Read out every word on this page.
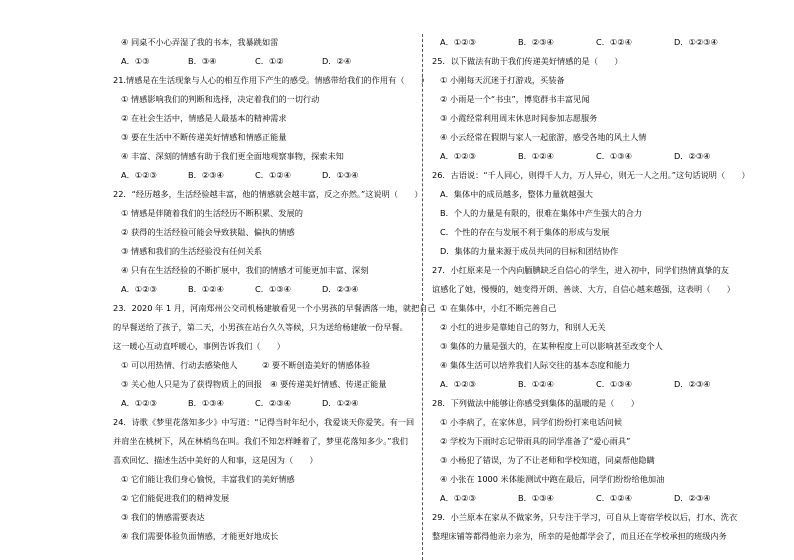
④ 同桌不小心弄湿了我的书本，我暴跳如雷
A．①③	B．③④	C．①②	D．②④
21.情感是在生活现象与人心的相互作用下产生的感受。情感带给我们的作用有（　　）
① 情感影响我们的判断和选择，决定着我们的一切行动
② 在社会生活中，情感是人最基本的精神需求
③ 要在生活中不断传递美好情感和情感正能量
④ 丰富、深刻的情感有助于我们更全面地观察事物，探索未知
A．①②③	B．②③④	C．①②④	D．①③④
22．“经历越多，生活经验越丰富，他的情感就会越丰富，反之亦然。”这说明（　　）
① 情感是伴随着我们的生活经历不断积累、发展的
② 获得的生活经验可能会导致狭隘、偏执的情感
③ 情感和我们的生活经验没有任何关系
④ 只有在生活经验的不断扩展中，我们的情感才可能更加丰富、深刻
A．①②③	B．①②④	C．①③④	D．②③④
23．2020 年 1 月，河南郑州公交司机杨建敏看见一个小男孩的早餐洒落一地，就把自己
的早餐送给了孩子，第二天，小男孩在站台久久等候，只为送给杨建敏一份早餐。
这一暖心互动直呼暖心，事例告诉我们（　　）
① 可以用热情、行动去感染他人　　　② 要不断创造美好的情感体验
③ 关心他人只是为了获得物质上的回报　④ 要传递美好情感、传递正能量
A．①②③	B．①③④	C．②③④	D．①②④
24．诗歌《梦里花落知多少》中写道：“记得当时年纪小，我爱谈天你爱笑。有一回
并肩坐在桃树下，风在林梢鸟在叫。我们不知怎样睡着了，梦里花落知多少。”我们
喜欢回忆、描述生活中美好的人和事，这是因为（　　）
① 它们能让我们身心愉悦，丰富我们的美好情感
② 它们能促进我们的精神发展
③ 我们的情感需要表达
④ 我们需要体验负面情感，才能更好地成长
A．①②③	B．②③④	C．①②④	D．①②③④
25．以下做法有助于我们传递美好情感的是（　　）
① 小刚每天沉迷于打游戏，买装备
② 小雨是一个“书虫”，博览群书丰富见闻
③ 小霞经常利用周末休息时间参加志愿服务
④ 小云经常在假期与家人一起旅游，感受各地的风土人情
A．①②③	B．①②④	C．①③④	D．②③④
26．古语说：“千人同心，则得千人力，万人异心，则无一人之用。”这句话说明（　　）
A．集体中的成员越多，整体力量就越强大
B．个人的力量是有限的，很难在集体中产生强大的合力
C．个性的存在与发展不利于集体的形成与发展
D．集体的力量来源于成员共同的目标和团结协作
27．小红原来是一个内向腼腆缺乏自信心的学生，进入初中，同学们热情真挚的友
谊感化了她，慢慢的，她变得开朗、善谈、大方，自信心越来越强，这表明（　　）
① 在集体中，小红不断完善自己
② 小红的进步是靠她自己的努力，和别人无关
③ 集体的力量是强大的，在某种程度上可以影响甚至改变个人
④ 集体生活可以培养我们人际交往的基本态度和能力
A．①②③	B．①②④	C．①③④	D．②③④
28．下列做法中能够让你感受到集体的温暖的是（　　）
① 小李病了，在家休息，同学们纷纷打来电话问候
② 学校为下雨时忘记带雨具的同学准备了“爱心雨具”
③ 小杨犯了错误，为了不让老师和学校知道，同桌帮他隐瞒
④ 小张在 1000 米体能测试中跑在最后，同学们纷纷给他加油
A．①②③	B．①③④	C．①②④	D．②③④
29．小兰原本在家从不做家务，只专注于学习，可自从上寄宿学校以后，打水、洗衣
整理床铺等都得他亲力亲为，所幸的是他都学会了，而且还在学校承担的班级内务
